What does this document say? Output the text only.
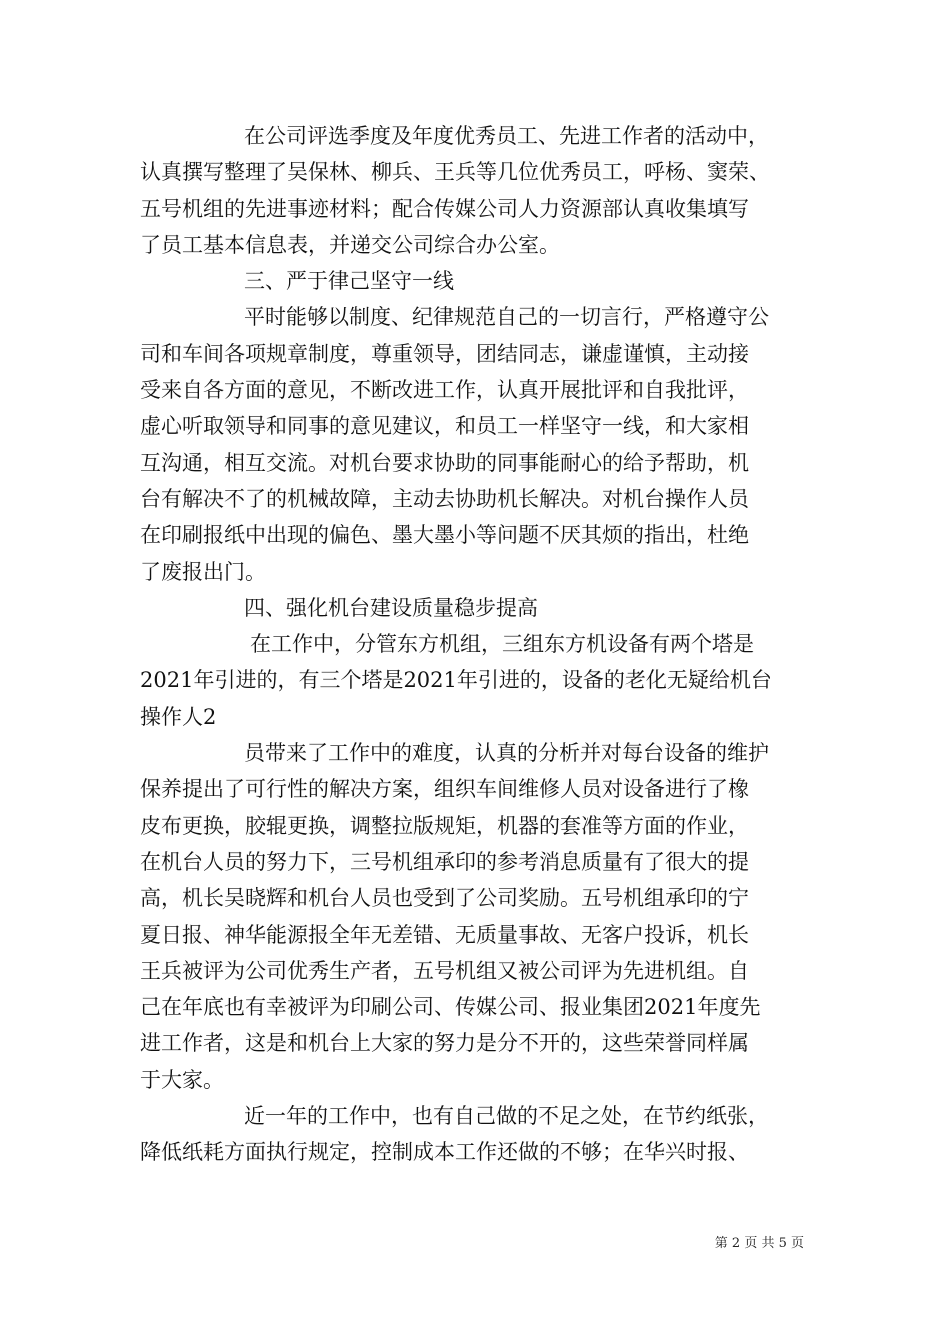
在公司评选季度及年度优秀员工、先进工作者的活动中，

认真撰写整理了吴保林、柳兵、王兵等几位优秀员工，呼杨、窦荣、

五号机组的先进事迹材料；配合传媒公司人力资源部认真收集填写

了员工基本信息表，并递交公司综合办公室。

三、严于律己坚守一线

平时能够以制度、纪律规范自己的一切言行，严格遵守公

司和车间各项规章制度，尊重领导，团结同志，谦虚谨慎，主动接

受来自各方面的意见，不断改进工作，认真开展批评和自我批评，

虚心听取领导和同事的意见建议，和员工一样坚守一线，和大家相

互沟通，相互交流。对机台要求协助的同事能耐心的给予帮助，机

台有解决不了的机械故障，主动去协助机长解决。对机台操作人员

在印刷报纸中出现的偏色、墨大墨小等问题不厌其烦的指出，杜绝

了废报出门。

四、强化机台建设质量稳步提高

在工作中，分管东方机组，三组东方机设备有两个塔是

2021年引进的，有三个塔是2021年引进的，设备的老化无疑给机台

操作人2

员带来了工作中的难度，认真的分析并对每台设备的维护

保养提出了可行性的解决方案，组织车间维修人员对设备进行了橡

皮布更换，胶辊更换，调整拉版规矩，机器的套准等方面的作业，

在机台人员的努力下，三号机组承印的参考消息质量有了很大的提

高，机长吴晓辉和机台人员也受到了公司奖励。五号机组承印的宁

夏日报、神华能源报全年无差错、无质量事故、无客户投诉，机长

王兵被评为公司优秀生产者，五号机组又被公司评为先进机组。自

己在年底也有幸被评为印刷公司、传媒公司、报业集团2021年度先

进工作者，这是和机台上大家的努力是分不开的，这些荣誉同样属

于大家。

近一年的工作中，也有自己做的不足之处，在节约纸张，

降低纸耗方面执行规定，控制成本工作还做的不够；在华兴时报、

第 2 页 共 5 页
